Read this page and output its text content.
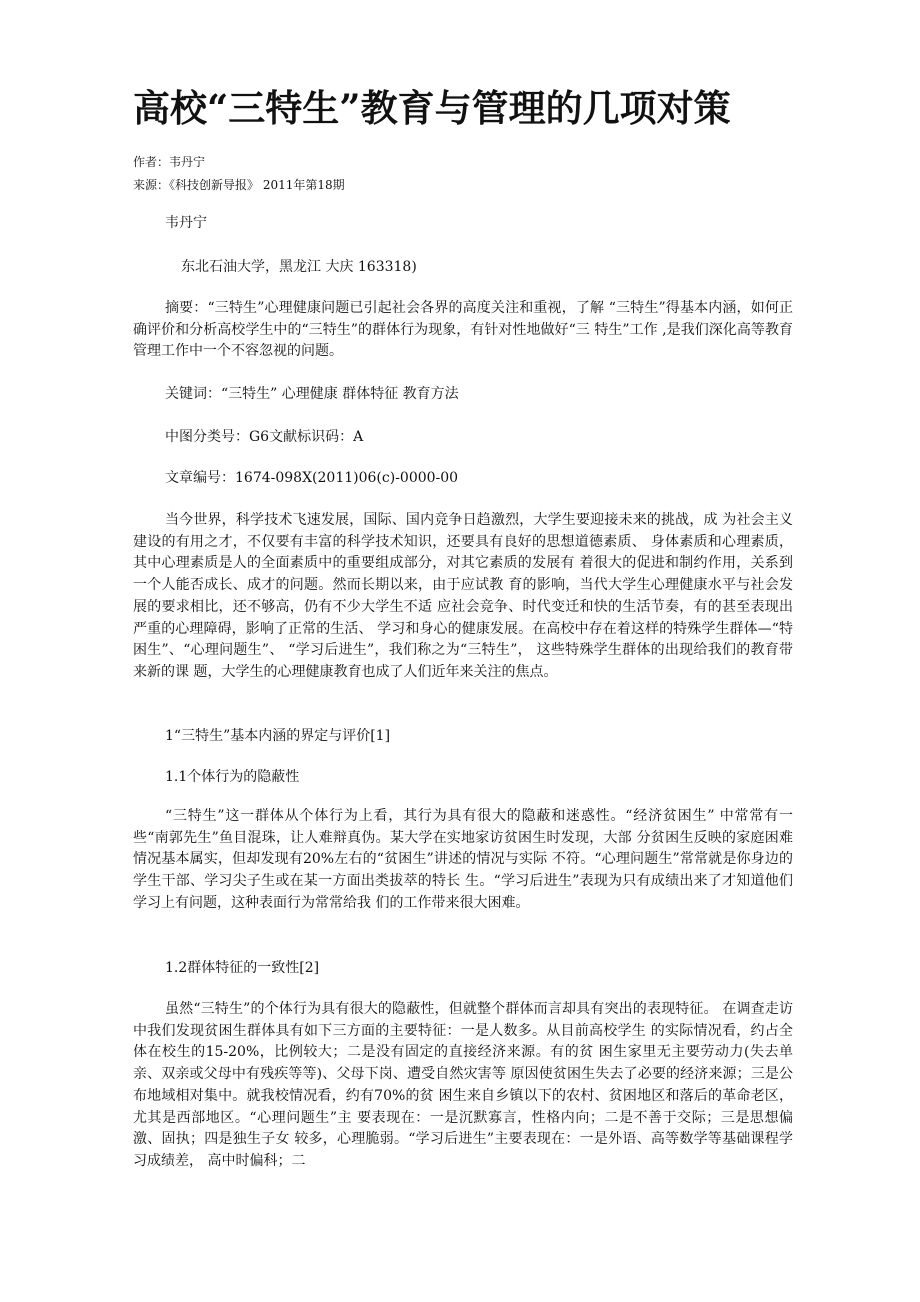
高校“三特生”教育与管理的几项对策
作者：韦丹宁
来源：《科技创新导报》 2011年第18期

韦丹宁

东北石油大学，黑龙江 大庆 163318)

摘要：“三特生”心理健康问题已引起社会各界的高度关注和重视，了解 “三特生”得基本内涵，如何正确评价和分析高校学生中的“三特生”的群体行为现象，有针对性地做好“三 特生”工作 ,是我们深化高等教育管理工作中一个不容忽视的问题。

关键词：“三特生” 心理健康 群体特征 教育方法

中图分类号：G6文献标识码：A

文章编号：1674-098X(2011)06(c)-0000-00

当今世界，科学技术飞速发展，国际、国内竞争日趋激烈，大学生要迎接未来的挑战，成 为社会主义建设的有用之才，不仅要有丰富的科学技术知识，还要具有良好的思想道德素质、 身体素质和心理素质，其中心理素质是人的全面素质中的重要组成部分，对其它素质的发展有 着很大的促进和制约作用，关系到一个人能否成长、成才的问题。然而长期以来，由于应试教 育的影响，当代大学生心理健康水平与社会发展的要求相比，还不够高，仍有不少大学生不适 应社会竞争、时代变迁和快的生活节奏，有的甚至表现出严重的心理障碍，影响了正常的生活、 学习和身心的健康发展。在高校中存在着这样的特殊学生群体—“特困生”、“心理问题生”、 “学习后进生”，我们称之为“三特生”， 这些特殊学生群体的出现给我们的教育带来新的课 题，大学生的心理健康教育也成了人们近年来关注的焦点。

1“三特生”基本内涵的界定与评价[1]

1.1个体行为的隐蔽性

“三特生”这一群体从个体行为上看，其行为具有很大的隐蔽和迷惑性。“经济贫困生” 中常常有一些“南郭先生”鱼目混珠，让人难辩真伪。某大学在实地家访贫困生时发现，大部 分贫困生反映的家庭困难情况基本属实，但却发现有20%左右的“贫困生”讲述的情况与实际 不符。“心理问题生”常常就是你身边的学生干部、学习尖子生或在某一方面出类拔萃的特长 生。“学习后进生”表现为只有成绩出来了才知道他们学习上有问题，这种表面行为常常给我 们的工作带来很大困难。

1.2群体特征的一致性[2]

虽然“三特生”的个体行为具有很大的隐蔽性，但就整个群体而言却具有突出的表现特征。 在调查走访中我们发现贫困生群体具有如下三方面的主要特征：一是人数多。从目前高校学生 的实际情况看，约占全体在校生的15-20%，比例较大；二是没有固定的直接经济来源。有的贫 困生家里无主要劳动力(失去单亲、双亲或父母中有残疾等等)、父母下岗、遭受自然灾害等 原因使贫困生失去了必要的经济来源；三是公布地域相对集中。就我校情况看，约有70%的贫 困生来自乡镇以下的农村、贫困地区和落后的革命老区，尤其是西部地区。“心理问题生”主 要表现在：一是沉默寡言，性格内向；二是不善于交际；三是思想偏激、固执；四是独生子女 较多，心理脆弱。“学习后进生”主要表现在：一是外语、高等数学等基础课程学习成绩差， 高中时偏科；二
